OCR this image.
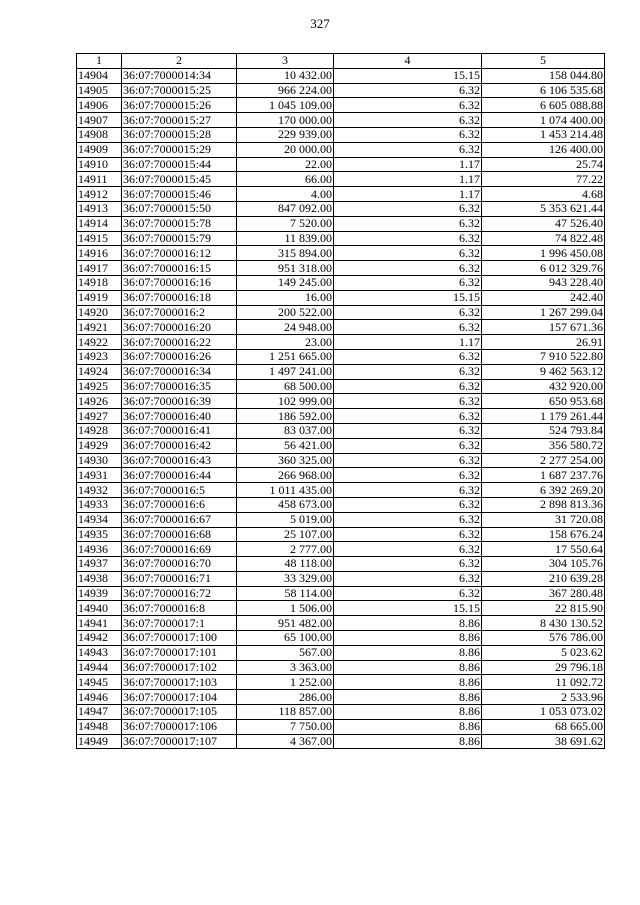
327
1	2	3	4	5
14904	36:07:7000014:34	10 432.00	15.15	158 044.80
14905	36:07:7000015:25	966 224.00	6.32	6 106 535.68
14906	36:07:7000015:26	1 045 109.00	6.32	6 605 088.88
14907	36:07:7000015:27	170 000.00	6.32	1 074 400.00
14908	36:07:7000015:28	229 939.00	6.32	1 453 214.48
14909	36:07:7000015:29	20 000.00	6.32	126 400.00
14910	36:07:7000015:44	22.00	1.17	25.74
14911	36:07:7000015:45	66.00	1.17	77.22
14912	36:07:7000015:46	4.00	1.17	4.68
14913	36:07:7000015:50	847 092.00	6.32	5 353 621.44
14914	36:07:7000015:78	7 520.00	6.32	47 526.40
14915	36:07:7000015:79	11 839.00	6.32	74 822.48
14916	36:07:7000016:12	315 894.00	6.32	1 996 450.08
14917	36:07:7000016:15	951 318.00	6.32	6 012 329.76
14918	36:07:7000016:16	149 245.00	6.32	943 228.40
14919	36:07:7000016:18	16.00	15.15	242.40
14920	36:07:7000016:2	200 522.00	6.32	1 267 299.04
14921	36:07:7000016:20	24 948.00	6.32	157 671.36
14922	36:07:7000016:22	23.00	1.17	26.91
14923	36:07:7000016:26	1 251 665.00	6.32	7 910 522.80
14924	36:07:7000016:34	1 497 241.00	6.32	9 462 563.12
14925	36:07:7000016:35	68 500.00	6.32	432 920.00
14926	36:07:7000016:39	102 999.00	6.32	650 953.68
14927	36:07:7000016:40	186 592.00	6.32	1 179 261.44
14928	36:07:7000016:41	83 037.00	6.32	524 793.84
14929	36:07:7000016:42	56 421.00	6.32	356 580.72
14930	36:07:7000016:43	360 325.00	6.32	2 277 254.00
14931	36:07:7000016:44	266 968.00	6.32	1 687 237.76
14932	36:07:7000016:5	1 011 435.00	6.32	6 392 269.20
14933	36:07:7000016:6	458 673.00	6.32	2 898 813.36
14934	36:07:7000016:67	5 019.00	6.32	31 720.08
14935	36:07:7000016:68	25 107.00	6.32	158 676.24
14936	36:07:7000016:69	2 777.00	6.32	17 550.64
14937	36:07:7000016:70	48 118.00	6.32	304 105.76
14938	36:07:7000016:71	33 329.00	6.32	210 639.28
14939	36:07:7000016:72	58 114.00	6.32	367 280.48
14940	36:07:7000016:8	1 506.00	15.15	22 815.90
14941	36:07:7000017:1	951 482.00	8.86	8 430 130.52
14942	36:07:7000017:100	65 100.00	8.86	576 786.00
14943	36:07:7000017:101	567.00	8.86	5 023.62
14944	36:07:7000017:102	3 363.00	8.86	29 796.18
14945	36:07:7000017:103	1 252.00	8.86	11 092.72
14946	36:07:7000017:104	286.00	8.86	2 533.96
14947	36:07:7000017:105	118 857.00	8.86	1 053 073.02
14948	36:07:7000017:106	7 750.00	8.86	68 665.00
14949	36:07:7000017:107	4 367.00	8.86	38 691.62
